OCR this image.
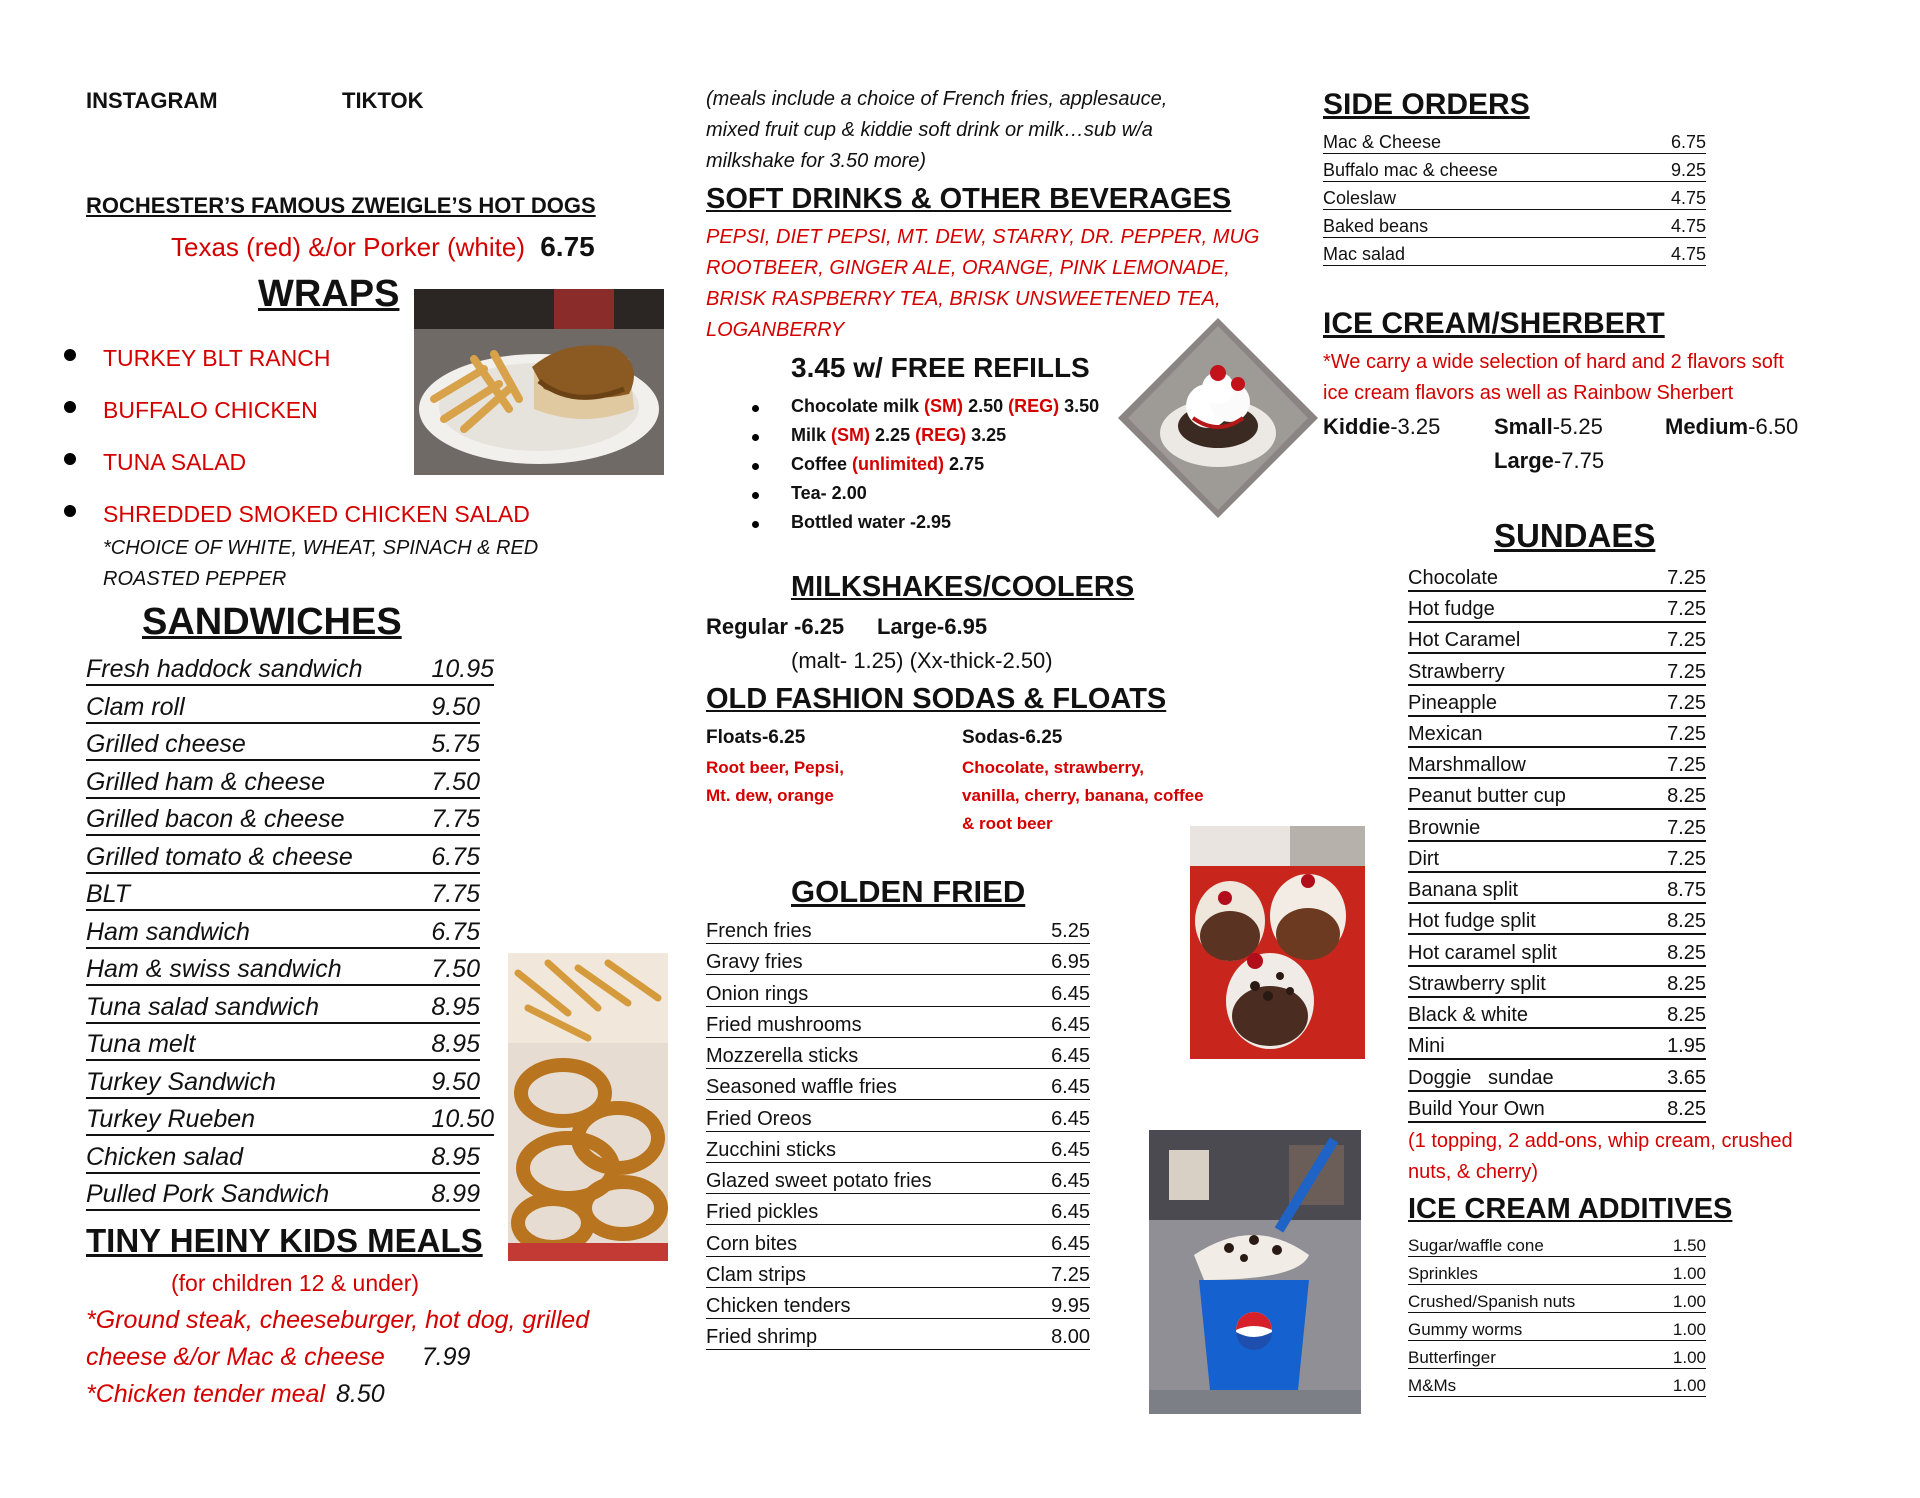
INSTAGRAM	TIKTOK
ROCHESTER’S FAMOUS ZWEIGLE’S HOT DOGS
Texas (red) &/or Porker (white) 6.75
WRAPS
TURKEY BLT RANCH
BUFFALO CHICKEN
TUNA SALAD
SHREDDED SMOKED CHICKEN SALAD
*CHOICE OF WHITE, WHEAT, SPINACH & RED
ROASTED PEPPER
SANDWICHES
Fresh haddock sandwich	10.95
Clam roll	9.50
Grilled cheese	5.75
Grilled ham & cheese	7.50
Grilled bacon & cheese	7.75
Grilled tomato & cheese	6.75
BLT	7.75
Ham sandwich	6.75
Ham & swiss sandwich	7.50
Tuna salad sandwich	8.95
Tuna melt	8.95
Turkey Sandwich	9.50
Turkey Rueben	10.50
Chicken salad	8.95
Pulled Pork Sandwich	8.99
TINY HEINY KIDS MEALS
(for children 12 & under)
*Ground steak, cheeseburger, hot dog, grilled
cheese &/or Mac & cheese 7.99
*Chicken tender meal 8.50
(meals include a choice of French fries, applesauce,
mixed fruit cup & kiddie soft drink or milk…sub w/a
milkshake for 3.50 more)
SOFT DRINKS & OTHER BEVERAGES
PEPSI, DIET PEPSI, MT. DEW, STARRY, DR. PEPPER, MUG
ROOTBEER, GINGER ALE, ORANGE, PINK LEMONADE,
BRISK RASPBERRY TEA, BRISK UNSWEETENED TEA,
LOGANBERRY
3.45 w/ FREE REFILLS
Chocolate milk (SM) 2.50 (REG) 3.50
Milk (SM) 2.25 (REG) 3.25
Coffee (unlimited) 2.75
Tea- 2.00
Bottled water -2.95
MILKSHAKES/COOLERS
Regular -6.25 Large-6.95
(malt- 1.25) (Xx-thick-2.50)
OLD FASHION SODAS & FLOATS
Floats-6.25	Sodas-6.25
Root beer, Pepsi,
Mt. dew, orange
Chocolate, strawberry,
vanilla, cherry, banana, coffee
& root beer
GOLDEN FRIED
French fries	5.25
Gravy fries	6.95
Onion rings	6.45
Fried mushrooms	6.45
Mozzerella sticks	6.45
Seasoned waffle fries	6.45
Fried Oreos	6.45
Zucchini sticks	6.45
Glazed sweet potato fries	6.45
Fried pickles	6.45
Corn bites	6.45
Clam strips	7.25
Chicken tenders	9.95
Fried shrimp	8.00
SIDE ORDERS
Mac & Cheese	6.75
Buffalo mac & cheese	9.25
Coleslaw	4.75
Baked beans	4.75
Mac salad	4.75
ICE CREAM/SHERBERT
*We carry a wide selection of hard and 2 flavors soft
ice cream flavors as well as Rainbow Sherbert
Kiddie-3.25 Small-5.25	Medium-6.50
Large-7.75
SUNDAES
Chocolate	7.25
Hot fudge	7.25
Hot Caramel	7.25
Strawberry	7.25
Pineapple	7.25
Mexican	7.25
Marshmallow	7.25
Peanut butter cup	8.25
Brownie	7.25
Dirt	7.25
Banana split	8.75
Hot fudge split	8.25
Hot caramel split	8.25
Strawberry split	8.25
Black & white	8.25
Mini	1.95
Doggie   sundae	3.65
Build Your Own	8.25
(1 topping, 2 add-ons, whip cream, crushed
nuts, & cherry)
ICE CREAM ADDITIVES
Sugar/waffle cone	1.50
Sprinkles	1.00
Crushed/Spanish nuts	1.00
Gummy worms	1.00
Butterfinger	1.00
M&Ms	1.00
